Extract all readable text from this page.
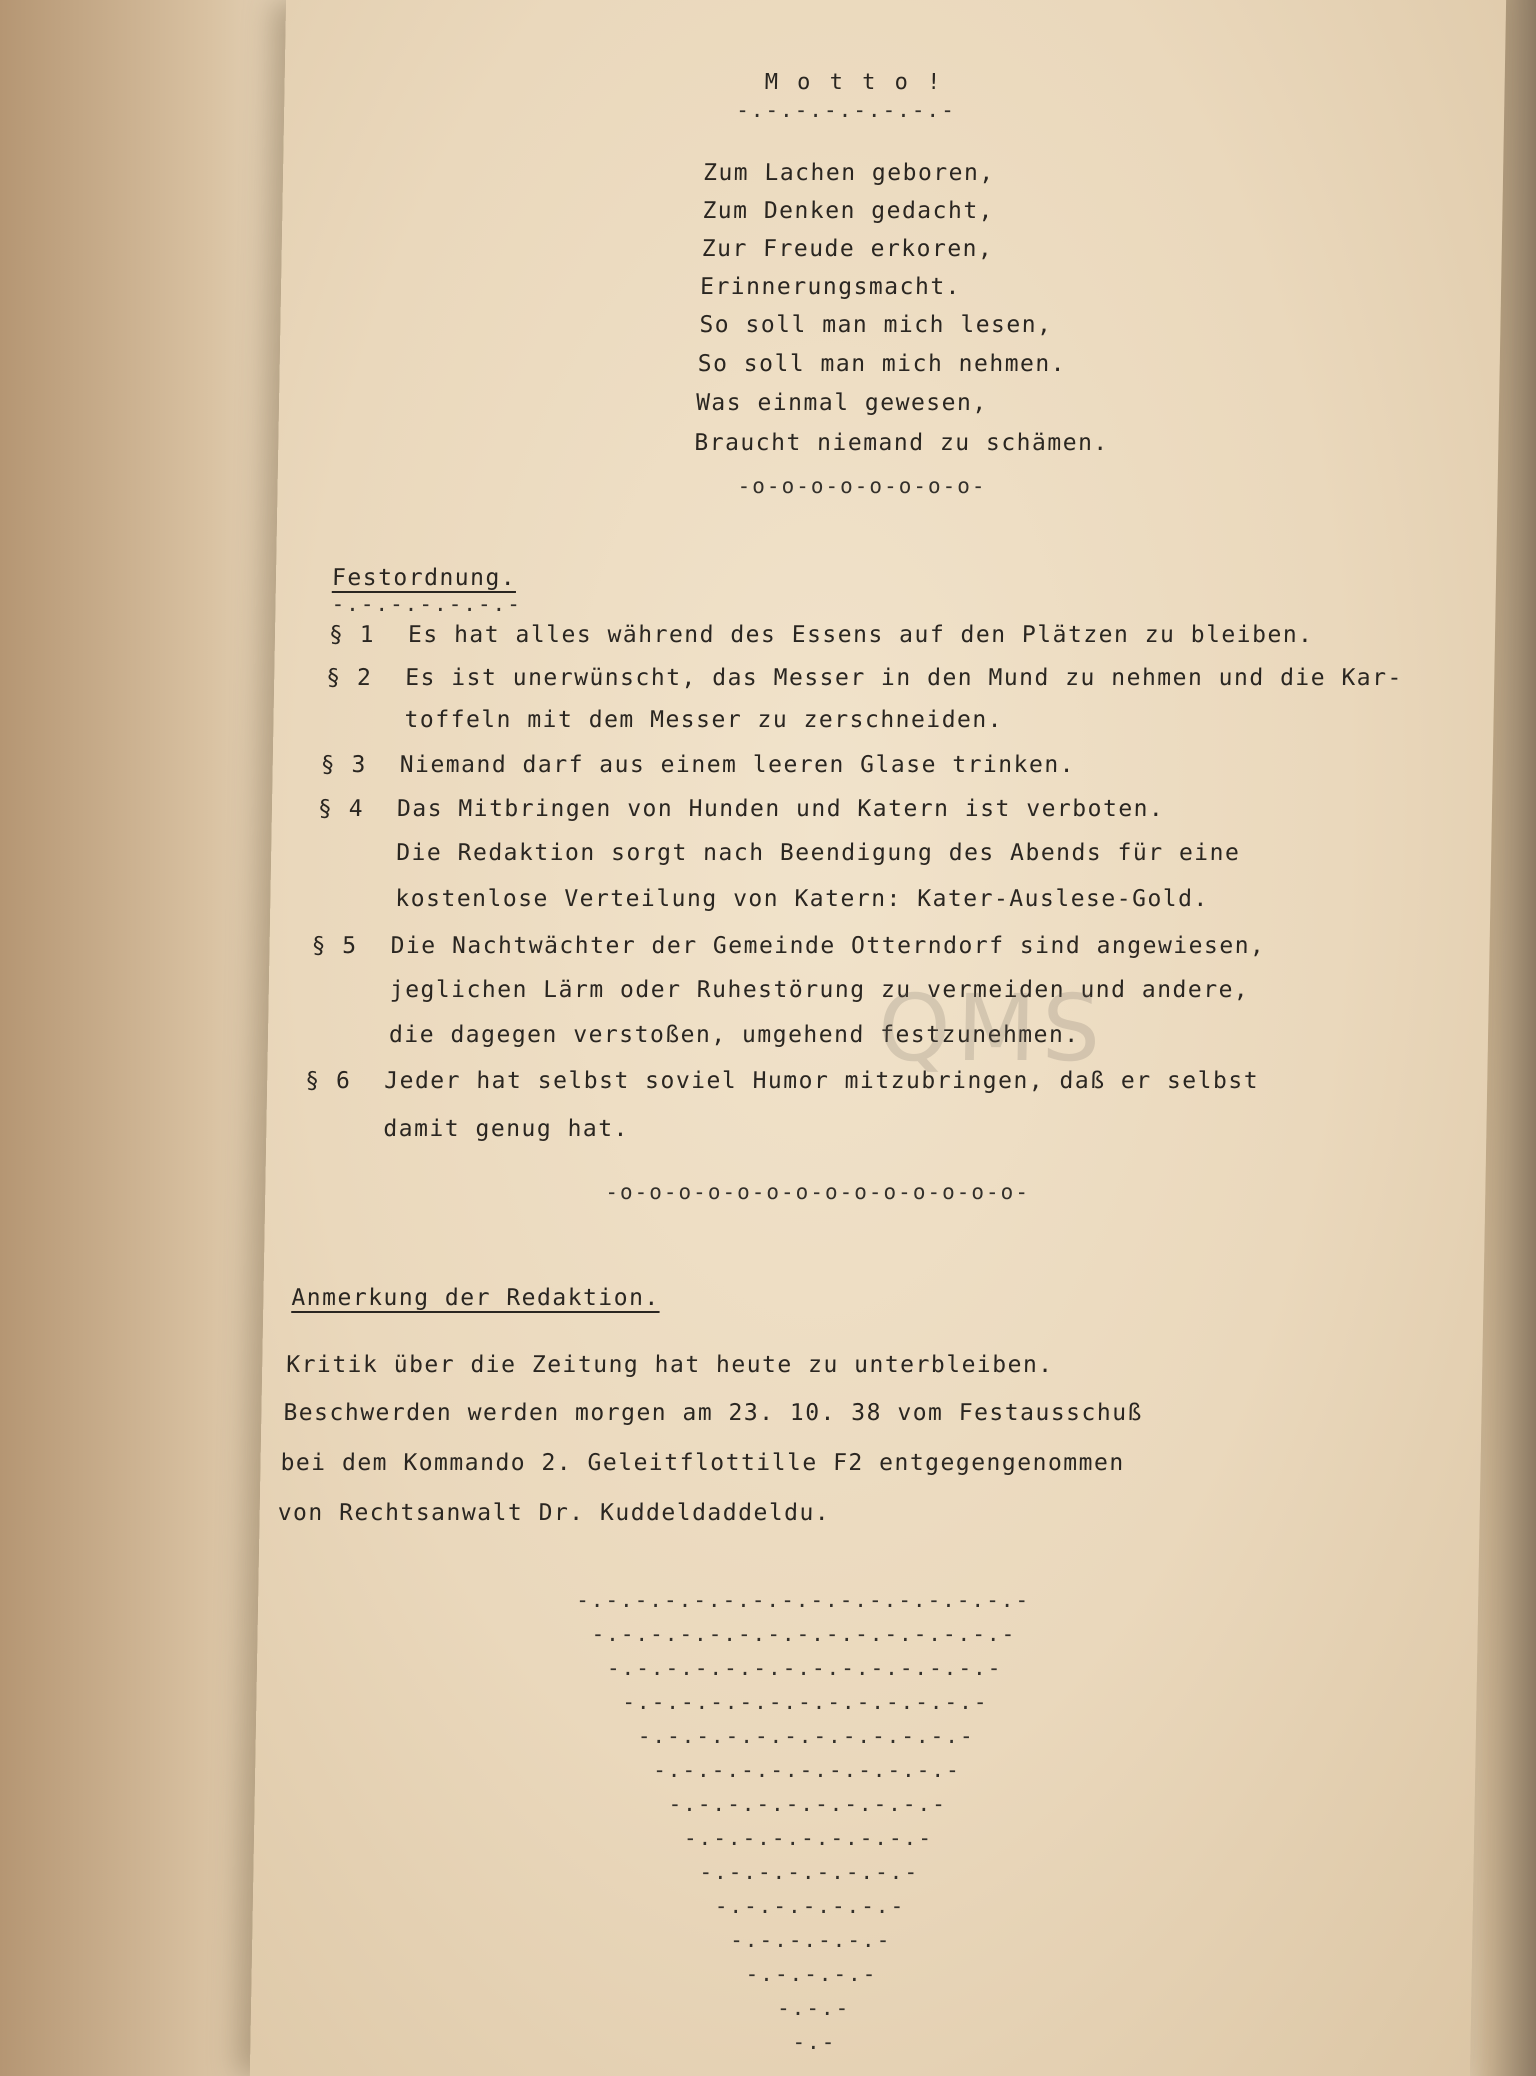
M o t t o !
-.-.-.-.-.-.-.-
Zum Lachen geboren,
Zum Denken gedacht,
Zur Freude erkoren,
Erinnerungsmacht.
So soll man mich lesen,
So soll man mich nehmen.
Was einmal gewesen,
Braucht niemand zu schämen.
-o-o-o-o-o-o-o-o-
Festordnung.
-.-.-.-.-.-.-
§ 1 Es hat alles während des Essens auf den Plätzen zu bleiben.
§ 2 Es ist unerwünscht, das Messer in den Mund zu nehmen und die Kar-
toffeln mit dem Messer zu zerschneiden.
§ 3 Niemand darf aus einem leeren Glase trinken.
§ 4 Das Mitbringen von Hunden und Katern ist verboten.
Die Redaktion sorgt nach Beendigung des Abends für eine
kostenlose Verteilung von Katern: Kater-Auslese-Gold.
§ 5 Die Nachtwächter der Gemeinde Otterndorf sind angewiesen,
jeglichen Lärm oder Ruhestörung zu vermeiden und andere,
die dagegen verstoßen, umgehend festzunehmen.
§ 6 Jeder hat selbst soviel Humor mitzubringen, daß er selbst
damit genug hat.
-o-o-o-o-o-o-o-o-o-o-o-o-o-o-
Anmerkung der Redaktion.
Kritik über die Zeitung hat heute zu unterbleiben.
Beschwerden werden morgen am 23. 10. 38 vom Festausschuß
bei dem Kommando 2. Geleitflottille F2 entgegengenommen
von Rechtsanwalt Dr. Kuddeldaddeldu.
-.-.-.-.-.-.-.-.-.-.-.-.-.-.-.-
-.-.-.-.-.-.-.-.-.-.-.-.-.-.-
-.-.-.-.-.-.-.-.-.-.-.-.-.-
-.-.-.-.-.-.-.-.-.-.-.-.-
-.-.-.-.-.-.-.-.-.-.-.-
-.-.-.-.-.-.-.-.-.-.-
-.-.-.-.-.-.-.-.-.-
-.-.-.-.-.-.-.-.-
-.-.-.-.-.-.-.-
-.-.-.-.-.-.-
-.-.-.-.-.-
-.-.-.-.-
-.-.-
-.-
QMS
